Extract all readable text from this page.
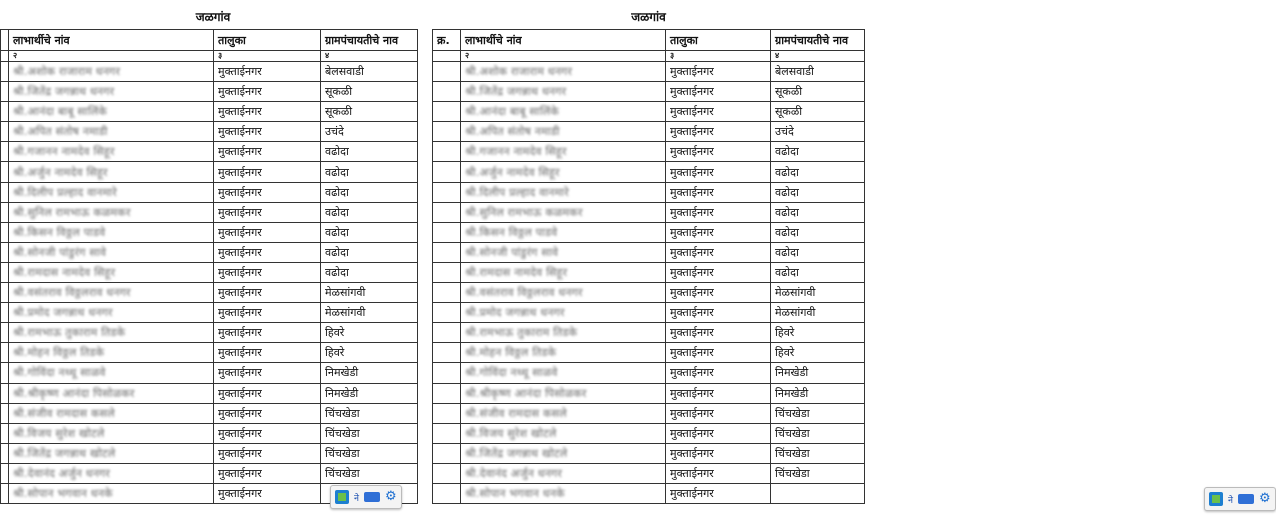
जळगांव
	लाभार्थीचे नांव	तालुका	ग्रामपंचायतीचे नाव
	२	३	४
	श्री.अशोक राजाराम धनगर	मुक्ताईनगर	बेलसवाडी
	श्री.जितेंद्र जगन्नाथ धनगर	मुक्ताईनगर	सूकळी
	श्री.आनंदा बाबू सालिंके	मुक्ताईनगर	सूकळी
	श्री.अपित संतोष नमाडी	मुक्ताईनगर	उचंदे
	श्री.गजानन नामदेव सिहूर	मुक्ताईनगर	वढोदा
	श्री.अर्जुन नामदेव सिहूर	मुक्ताईनगर	वढोदा
	श्री.दिलीप प्रल्हाद वानमारे	मुक्ताईनगर	वढोदा
	श्री.सुनिल रामभाऊ कळमकर	मुक्ताईनगर	वढोदा
	श्री.किसन विठ्ठल पाडवे	मुक्ताईनगर	वढोदा
	श्री.सोनजी पांडुरंग सावे	मुक्ताईनगर	वढोदा
	श्री.रामदास नामदेव सिहूर	मुक्ताईनगर	वढोदा
	श्री.वसंतराव विठ्ठलराव धनगर	मुक्ताईनगर	मेळसांगवी
	श्री.प्रमोद जगन्नाथ धनगर	मुक्ताईनगर	मेळसांगवी
	श्री.रामभाऊ तुकाराम तिडके	मुक्ताईनगर	हिवरे
	श्री.मोहन विठ्ठल तिडके	मुक्ताईनगर	हिवरे
	श्री.गोविंदा नथ्थू साळवे	मुक्ताईनगर	निमखेडी
	श्री.श्रीकृष्ण आनंदा पिसोळकर	मुक्ताईनगर	निमखेडी
	श्री.संजीव रामदास कसले	मुक्ताईनगर	चिंचखेडा
	श्री.विजय सुरेश खोटले	मुक्ताईनगर	चिंचखेडा
	श्री.जितेंद्र जगन्नाथ खोटले	मुक्ताईनगर	चिंचखेडा
	श्री.देवानंद अर्जुन धनगर	मुक्ताईनगर	चिंचखेडा
	श्री.सोपान भगवान धनके	मुक्ताईनगर		ने ⚙
जळगांव
क्र.	लाभार्थीचे नांव	तालुका	ग्रामपंचायतीचे नाव
	२	३	४
	श्री.अशोक राजाराम धनगर	मुक्ताईनगर	बेलसवाडी
	श्री.जितेंद्र जगन्नाथ धनगर	मुक्ताईनगर	सूकळी
	श्री.आनंदा बाबू सालिंके	मुक्ताईनगर	सूकळी
	श्री.अपित संतोष नमाडी	मुक्ताईनगर	उचंदे
	श्री.गजानन नामदेव सिहूर	मुक्ताईनगर	वढोदा
	श्री.अर्जुन नामदेव सिहूर	मुक्ताईनगर	वढोदा
	श्री.दिलीप प्रल्हाद वानमारे	मुक्ताईनगर	वढोदा
	श्री.सुनिल रामभाऊ कळमकर	मुक्ताईनगर	वढोदा
	श्री.किसन विठ्ठल पाडवे	मुक्ताईनगर	वढोदा
	श्री.सोनजी पांडुरंग सावे	मुक्ताईनगर	वढोदा
	श्री.रामदास नामदेव सिहूर	मुक्ताईनगर	वढोदा
	श्री.वसंतराव विठ्ठलराव धनगर	मुक्ताईनगर	मेळसांगवी
	श्री.प्रमोद जगन्नाथ धनगर	मुक्ताईनगर	मेळसांगवी
	श्री.रामभाऊ तुकाराम तिडके	मुक्ताईनगर	हिवरे
	श्री.मोहन विठ्ठल तिडके	मुक्ताईनगर	हिवरे
	श्री.गोविंदा नथ्थू साळवे	मुक्ताईनगर	निमखेडी
	श्री.श्रीकृष्ण आनंदा पिसोळकर	मुक्ताईनगर	निमखेडी
	श्री.संजीव रामदास कसले	मुक्ताईनगर	चिंचखेडा
	श्री.विजय सुरेश खोटले	मुक्ताईनगर	चिंचखेडा
	श्री.जितेंद्र जगन्नाथ खोटले	मुक्ताईनगर	चिंचखेडा
	श्री.देवानंद अर्जुन धनगर	मुक्ताईनगर	चिंचखेडा
	श्री.सोपान भगवान धनके	मुक्ताईनगर	
ने ⚙
